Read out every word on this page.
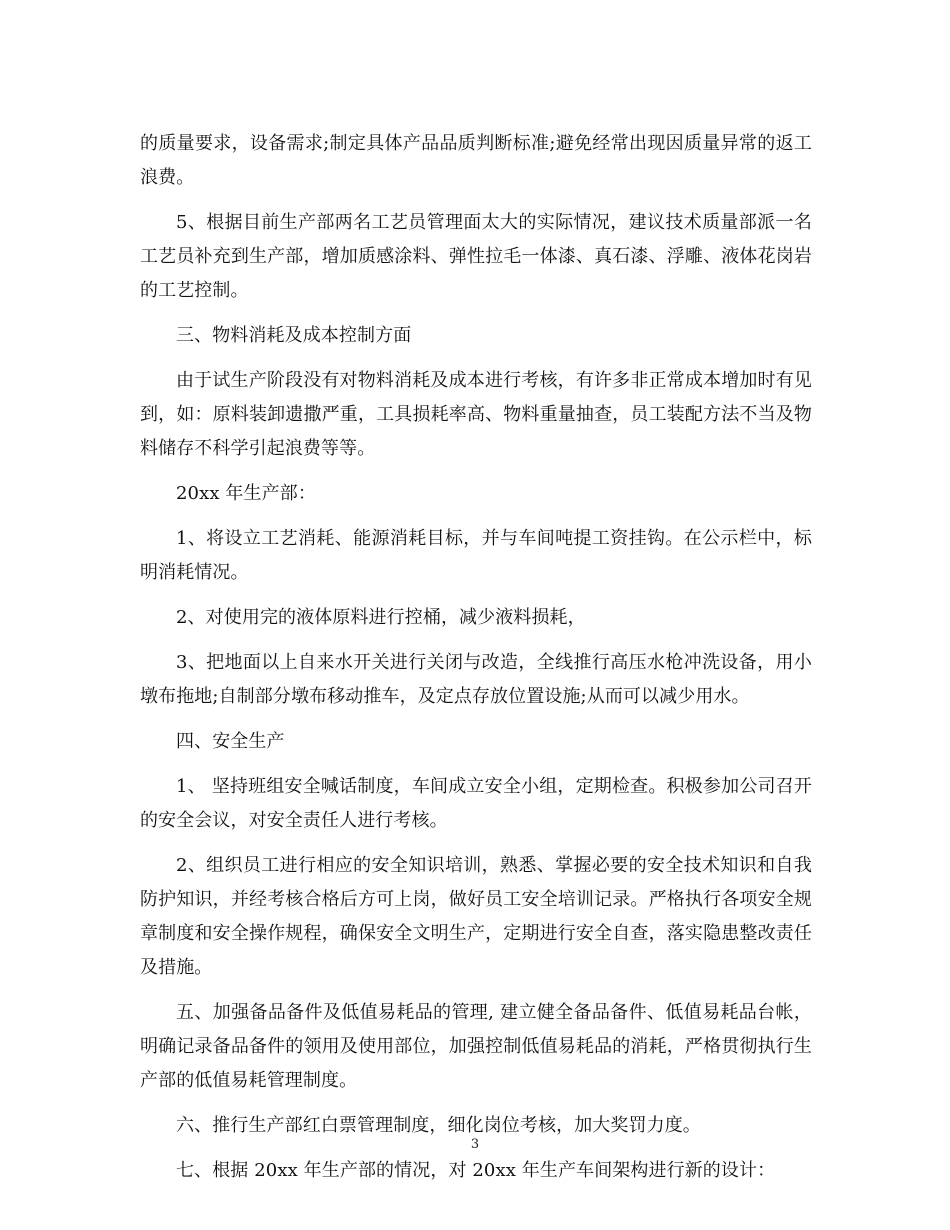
的质量要求，设备需求;制定具体产品品质判断标准;避免经常出现因质量异常的返工浪费。

5、根据目前生产部两名工艺员管理面太大的实际情况，建议技术质量部派一名工艺员补充到生产部，增加质感涂料、弹性拉毛一体漆、真石漆、浮雕、液体花岗岩的工艺控制。

三、物料消耗及成本控制方面

由于试生产阶段没有对物料消耗及成本进行考核，有许多非正常成本增加时有见到，如：原料装卸遗撒严重，工具损耗率高、物料重量抽查，员工装配方法不当及物料储存不科学引起浪费等等。

20xx 年生产部：

1、将设立工艺消耗、能源消耗目标，并与车间吨提工资挂钩。在公示栏中，标明消耗情况。

2、对使用完的液体原料进行控桶，减少液料损耗，

3、把地面以上自来水开关进行关闭与改造，全线推行高压水枪冲洗设备，用小墩布拖地;自制部分墩布移动推车，及定点存放位置设施;从而可以减少用水。

四、安全生产

1、 坚持班组安全喊话制度，车间成立安全小组，定期检查。积极参加公司召开的安全会议，对安全责任人进行考核。

2、组织员工进行相应的安全知识培训，熟悉、掌握必要的安全技术知识和自我防护知识，并经考核合格后方可上岗，做好员工安全培训记录。严格执行各项安全规章制度和安全操作规程，确保安全文明生产，定期进行安全自查，落实隐患整改责任及措施。

五、加强备品备件及低值易耗品的管理, 建立健全备品备件、低值易耗品台帐，明确记录备品备件的领用及使用部位，加强控制低值易耗品的消耗，严格贯彻执行生产部的低值易耗管理制度。

六、推行生产部红白票管理制度，细化岗位考核，加大奖罚力度。

七、根据 20xx 年生产部的情况，对 20xx 年生产车间架构进行新的设计：

3
